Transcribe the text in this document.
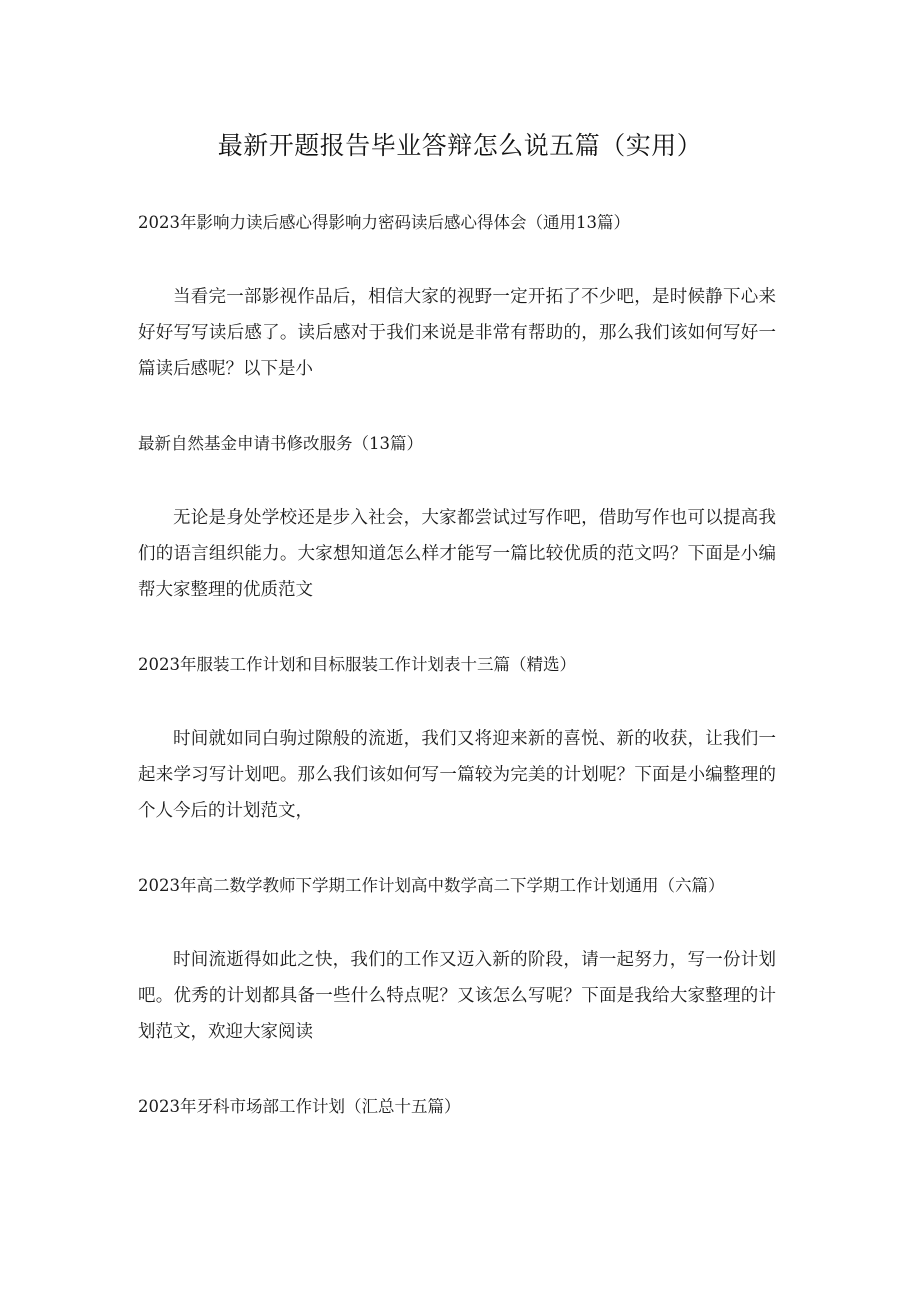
最新开题报告毕业答辩怎么说五篇（实用）

2023年影响力读后感心得影响力密码读后感心得体会（通用13篇）

当看完一部影视作品后，相信大家的视野一定开拓了不少吧，是时候静下心来好好写写读后感了。读后感对于我们来说是非常有帮助的，那么我们该如何写好一篇读后感呢？以下是小

最新自然基金申请书修改服务（13篇）

无论是身处学校还是步入社会，大家都尝试过写作吧，借助写作也可以提高我们的语言组织能力。大家想知道怎么样才能写一篇比较优质的范文吗？下面是小编帮大家整理的优质范文

2023年服装工作计划和目标服装工作计划表十三篇（精选）

时间就如同白驹过隙般的流逝，我们又将迎来新的喜悦、新的收获，让我们一起来学习写计划吧。那么我们该如何写一篇较为完美的计划呢？下面是小编整理的个人今后的计划范文，

2023年高二数学教师下学期工作计划高中数学高二下学期工作计划通用（六篇）

时间流逝得如此之快，我们的工作又迈入新的阶段，请一起努力，写一份计划吧。优秀的计划都具备一些什么特点呢？又该怎么写呢？下面是我给大家整理的计划范文，欢迎大家阅读

2023年牙科市场部工作计划（汇总十五篇）
